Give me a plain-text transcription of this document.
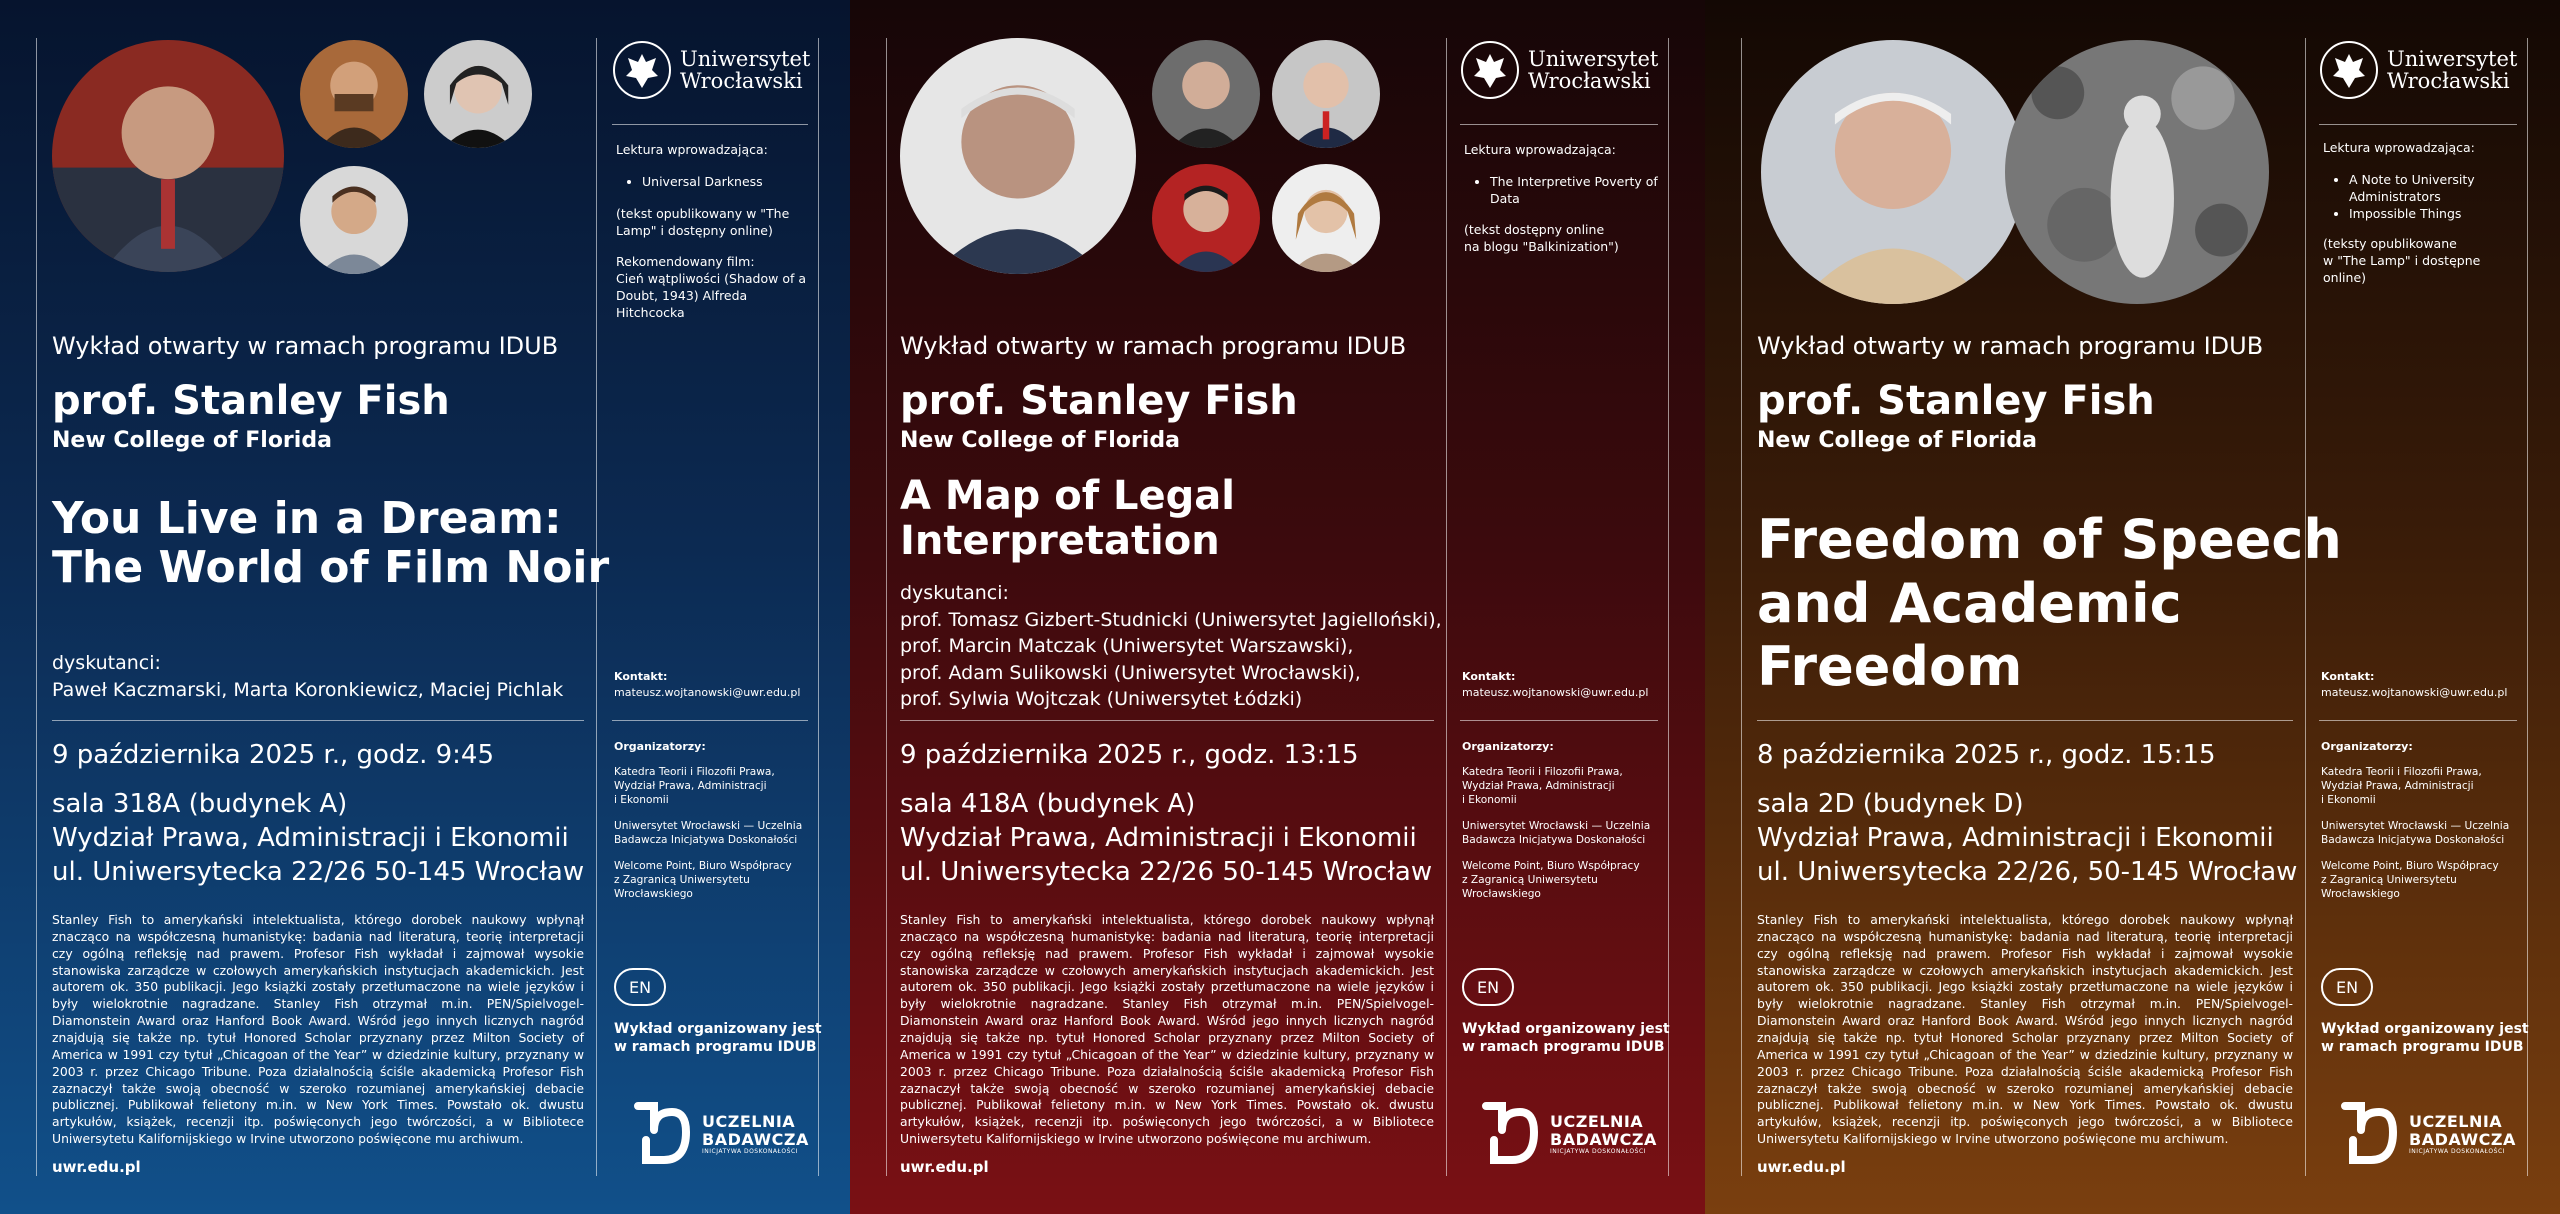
Wykład otwarty w ramach programu IDUB
prof. Stanley Fish
New College of Florida
You Live in a Dream:
The World of Film Noir
dyskutanci:
Paweł Kaczmarski, Marta Koronkiewicz, Maciej Pichlak
9 października 2025 r., godz. 9:45
sala 318A (budynek A)
Wydział Prawa, Administracji i Ekonomii
ul. Uniwersytecka 22/26 50-145 Wrocław
Stanley Fish to amerykański intelektualista, którego dorobek naukowy wpłynął znacząco na współczesną humanistykę: badania nad literaturą, teorię interpretacji czy ogólną refleksję nad prawem. Profesor Fish wykładał i zajmował wysokie stanowiska zarządcze w czołowych amerykańskich instytucjach akademickich. Jest autorem ok. 350 publikacji. Jego książki zostały przetłumaczone na wiele języków i były wielokrotnie nagradzane. Stanley Fish otrzymał m.in. PEN/Spielvogel-Diamonstein Award oraz Hanford Book Award. Wśród jego innych licznych nagród znajdują się także np. tytuł Honored Scholar przyznany przez Milton Society of America w 1991 czy tytuł „Chicagoan of the Year” w dziedzinie kultury, przyznany w 2003 r. przez Chicago Tribune. Poza działalnością ściśle akademicką Profesor Fish zaznaczył także swoją obecność w szeroko rozumianej amerykańskiej debacie publicznej. Publikował felietony m.in. w New York Times. Powstało ok. dwustu artykułów, książek, recenzji itp. poświęconych jego twórczości, a w Bibliotece Uniwersytetu Kalifornijskiego w Irvine utworzono poświęcone mu archiwum.
uwr.edu.pl
Uniwersytet
Wrocławski
Lektura wprowadzająca:
• Universal Darkness
(tekst opublikowany w "The Lamp" i dostępny online)
Rekomendowany film:
Cień wątpliwości (Shadow of a Doubt, 1943) Alfreda Hitchcocka
Kontakt:
mateusz.wojtanowski@uwr.edu.pl
Organizatorzy:
Katedra Teorii i Filozofii Prawa,
Wydział Prawa, Administracji
i Ekonomii
Uniwersytet Wrocławski — Uczelnia
Badawcza Inicjatywa Doskonałości
Welcome Point, Biuro Współpracy
z Zagranicą Uniwersytetu
Wrocławskiego
EN
Wykład organizowany jest
w ramach programu IDUB
UCZELNIA
BADAWCZA
INICJATYWA DOSKONAŁOŚCI
Wykład otwarty w ramach programu IDUB
prof. Stanley Fish
New College of Florida
A Map of Legal
Interpretation
dyskutanci:
prof. Tomasz Gizbert-Studnicki (Uniwersytet Jagielloński),
prof. Marcin Matczak (Uniwersytet Warszawski),
prof. Adam Sulikowski (Uniwersytet Wrocławski),
prof. Sylwia Wojtczak (Uniwersytet Łódzki)
9 października 2025 r., godz. 13:15
sala 418A (budynek A)
Wydział Prawa, Administracji i Ekonomii
ul. Uniwersytecka 22/26 50-145 Wrocław
Stanley Fish to amerykański intelektualista, którego dorobek naukowy wpłynął znacząco na współczesną humanistykę: badania nad literaturą, teorię interpretacji czy ogólną refleksję nad prawem. Profesor Fish wykładał i zajmował wysokie stanowiska zarządcze w czołowych amerykańskich instytucjach akademickich. Jest autorem ok. 350 publikacji. Jego książki zostały przetłumaczone na wiele języków i były wielokrotnie nagradzane. Stanley Fish otrzymał m.in. PEN/Spielvogel-Diamonstein Award oraz Hanford Book Award. Wśród jego innych licznych nagród znajdują się także np. tytuł Honored Scholar przyznany przez Milton Society of America w 1991 czy tytuł „Chicagoan of the Year” w dziedzinie kultury, przyznany w 2003 r. przez Chicago Tribune. Poza działalnością ściśle akademicką Profesor Fish zaznaczył także swoją obecność w szeroko rozumianej amerykańskiej debacie publicznej. Publikował felietony m.in. w New York Times. Powstało ok. dwustu artykułów, książek, recenzji itp. poświęconych jego twórczości, a w Bibliotece Uniwersytetu Kalifornijskiego w Irvine utworzono poświęcone mu archiwum.
uwr.edu.pl
Uniwersytet
Wrocławski
Lektura wprowadzająca:
• The Interpretive Poverty of Data
(tekst dostępny online
na blogu "Balkinization")
Kontakt:
mateusz.wojtanowski@uwr.edu.pl
Organizatorzy:
Katedra Teorii i Filozofii Prawa,
Wydział Prawa, Administracji
i Ekonomii
Uniwersytet Wrocławski — Uczelnia
Badawcza Inicjatywa Doskonałości
Welcome Point, Biuro Współpracy
z Zagranicą Uniwersytetu
Wrocławskiego
EN
Wykład organizowany jest
w ramach programu IDUB
UCZELNIA
BADAWCZA
INICJATYWA DOSKONAŁOŚCI
Wykład otwarty w ramach programu IDUB
prof. Stanley Fish
New College of Florida
Freedom of Speech
and Academic
Freedom
8 października 2025 r., godz. 15:15
sala 2D (budynek D)
Wydział Prawa, Administracji i Ekonomii
ul. Uniwersytecka 22/26, 50-145 Wrocław
Stanley Fish to amerykański intelektualista, którego dorobek naukowy wpłynął znacząco na współczesną humanistykę: badania nad literaturą, teorię interpretacji czy ogólną refleksję nad prawem. Profesor Fish wykładał i zajmował wysokie stanowiska zarządcze w czołowych amerykańskich instytucjach akademickich. Jest autorem ok. 350 publikacji. Jego książki zostały przetłumaczone na wiele języków i były wielokrotnie nagradzane. Stanley Fish otrzymał m.in. PEN/Spielvogel-Diamonstein Award oraz Hanford Book Award. Wśród jego innych licznych nagród znajdują się także np. tytuł Honored Scholar przyznany przez Milton Society of America w 1991 czy tytuł „Chicagoan of the Year” w dziedzinie kultury, przyznany w 2003 r. przez Chicago Tribune. Poza działalnością ściśle akademicką Profesor Fish zaznaczył także swoją obecność w szeroko rozumianej amerykańskiej debacie publicznej. Publikował felietony m.in. w New York Times. Powstało ok. dwustu artykułów, książek, recenzji itp. poświęconych jego twórczości, a w Bibliotece Uniwersytetu Kalifornijskiego w Irvine utworzono poświęcone mu archiwum.
uwr.edu.pl
Uniwersytet
Wrocławski
Lektura wprowadzająca:
• A Note to University Administrators
• Impossible Things
(teksty opublikowane
w "The Lamp" i dostępne
online)
Kontakt:
mateusz.wojtanowski@uwr.edu.pl
Organizatorzy:
Katedra Teorii i Filozofii Prawa,
Wydział Prawa, Administracji
i Ekonomii
Uniwersytet Wrocławski — Uczelnia
Badawcza Inicjatywa Doskonałości
Welcome Point, Biuro Współpracy
z Zagranicą Uniwersytetu
Wrocławskiego
EN
Wykład organizowany jest
w ramach programu IDUB
UCZELNIA
BADAWCZA
INICJATYWA DOSKONAŁOŚCI
